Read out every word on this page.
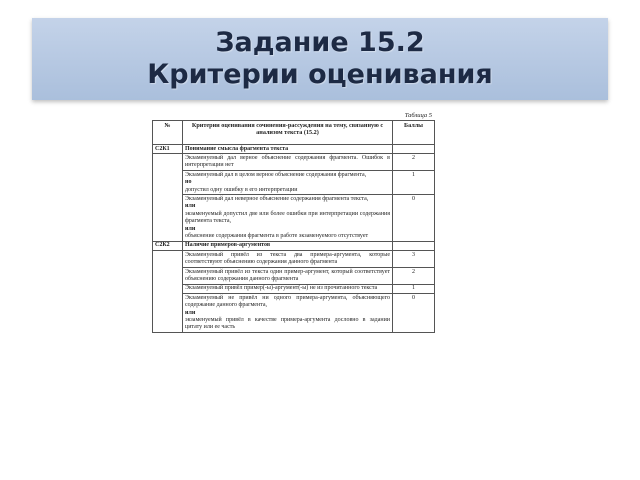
Задание 15.2
Критерии оценивания
Таблица 5
№	Критерии оценивания сочинения-рассуждения на тему, связанную с анализом текста (15.2)	Баллы
С2К1	Понимание смысла фрагмента текста	

	Экзаменуемый дал верное объяснение содержания фрагмента. Ошибок в интерпретации нет	2

	Экзаменуемый дал в целом верное объяснение содержания фрагмента,
но
допустил одну ошибку в его интерпретации	1

	Экзаменуемый дал неверное объяснение содержания фрагмента текста,
или
экзаменуемый допустил две или более ошибки при интерпретации содержания фрагмента текста,
или
объяснение содержания фрагмента в работе экзаменуемого отсутствует	0
С2К2	Наличие примеров-аргументов	

	Экзаменуемый привёл из текста два примера-аргумента, которые соответствуют объяснению содержания данного фрагмента	3

	Экзаменуемый привёл из текста один пример-аргумент, который соответствует объяснению содержания данного фрагмента	2

	Экзаменуемый привёл пример(-ы)-аргумент(-ы) не из прочитанного текста	1

	Экзаменуемый не привёл ни одного примера-аргумента, объясняющего содержание данного фрагмента,
или
экзаменуемый привёл в качестве примера-аргумента дословно в задании цитату или ее часть	0
